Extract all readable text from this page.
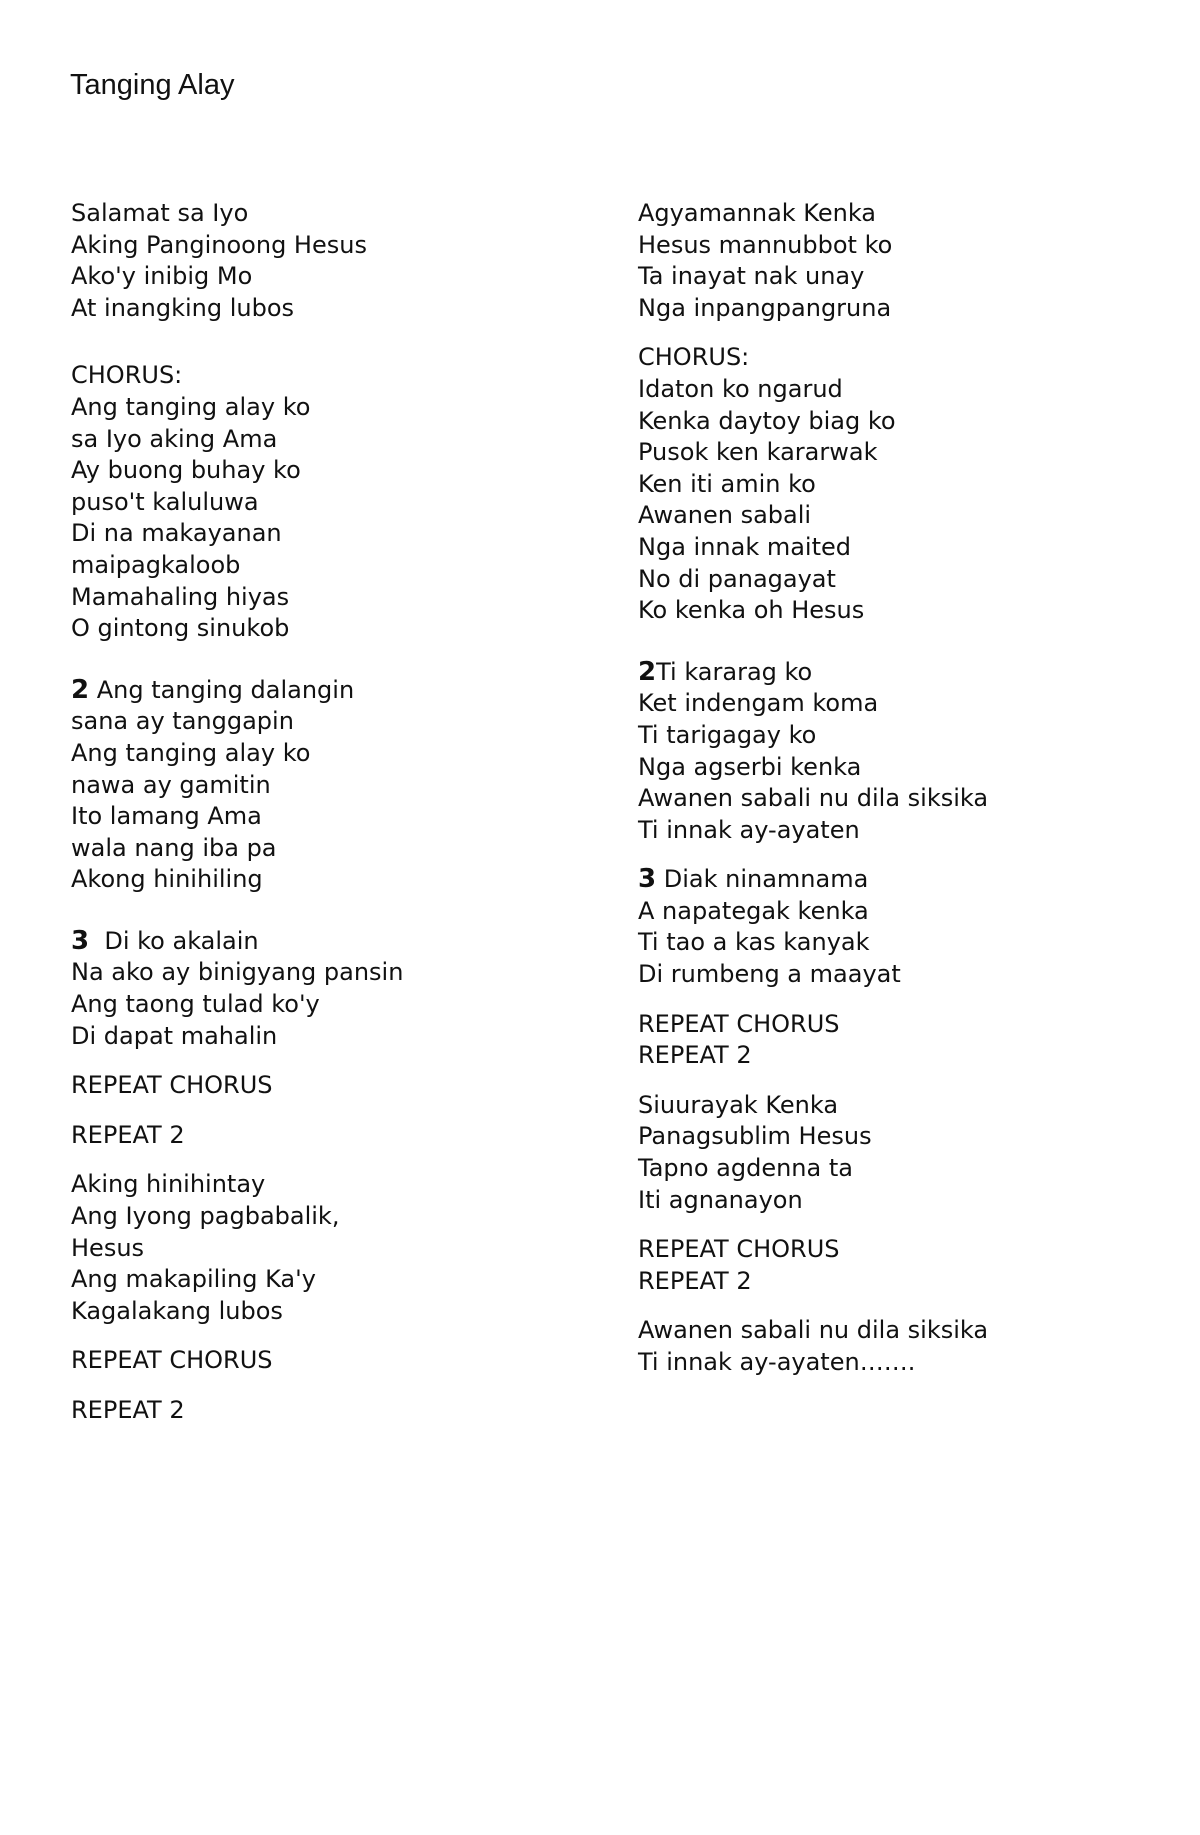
Tanging Alay
Salamat sa Iyo
Aking Panginoong Hesus
Ako'y inibig Mo
At inangking lubos
CHORUS:
Ang tanging alay ko
sa Iyo aking Ama
Ay buong buhay ko
puso't kaluluwa
Di na makayanan
maipagkaloob
Mamahaling hiyas
O gintong sinukob
2 Ang tanging dalangin
sana ay tanggapin
Ang tanging alay ko
nawa ay gamitin
Ito lamang Ama
wala nang iba pa
Akong hinihiling
3  Di ko akalain
Na ako ay binigyang pansin
Ang taong tulad ko'y
Di dapat mahalin
REPEAT CHORUS
REPEAT 2
Aking hinihintay
Ang Iyong pagbabalik,
Hesus
Ang makapiling Ka'y
Kagalakang lubos
REPEAT CHORUS
REPEAT 2
Agyamannak Kenka
Hesus mannubbot ko
Ta inayat nak unay
Nga inpangpangruna
CHORUS:
Idaton ko ngarud
Kenka daytoy biag ko
Pusok ken kararwak
Ken iti amin ko
Awanen sabali
Nga innak maited
No di panagayat
Ko kenka oh Hesus
2Ti kararag ko
Ket indengam koma
Ti tarigagay ko
Nga agserbi kenka
Awanen sabali nu dila siksika
Ti innak ay-ayaten
3 Diak ninamnama
A napategak kenka
Ti tao a kas kanyak
Di rumbeng a maayat
REPEAT CHORUS
REPEAT 2
Siuurayak Kenka
Panagsublim Hesus
Tapno agdenna ta
Iti agnanayon
REPEAT CHORUS
REPEAT 2
Awanen sabali nu dila siksika
Ti innak ay-ayaten…….
